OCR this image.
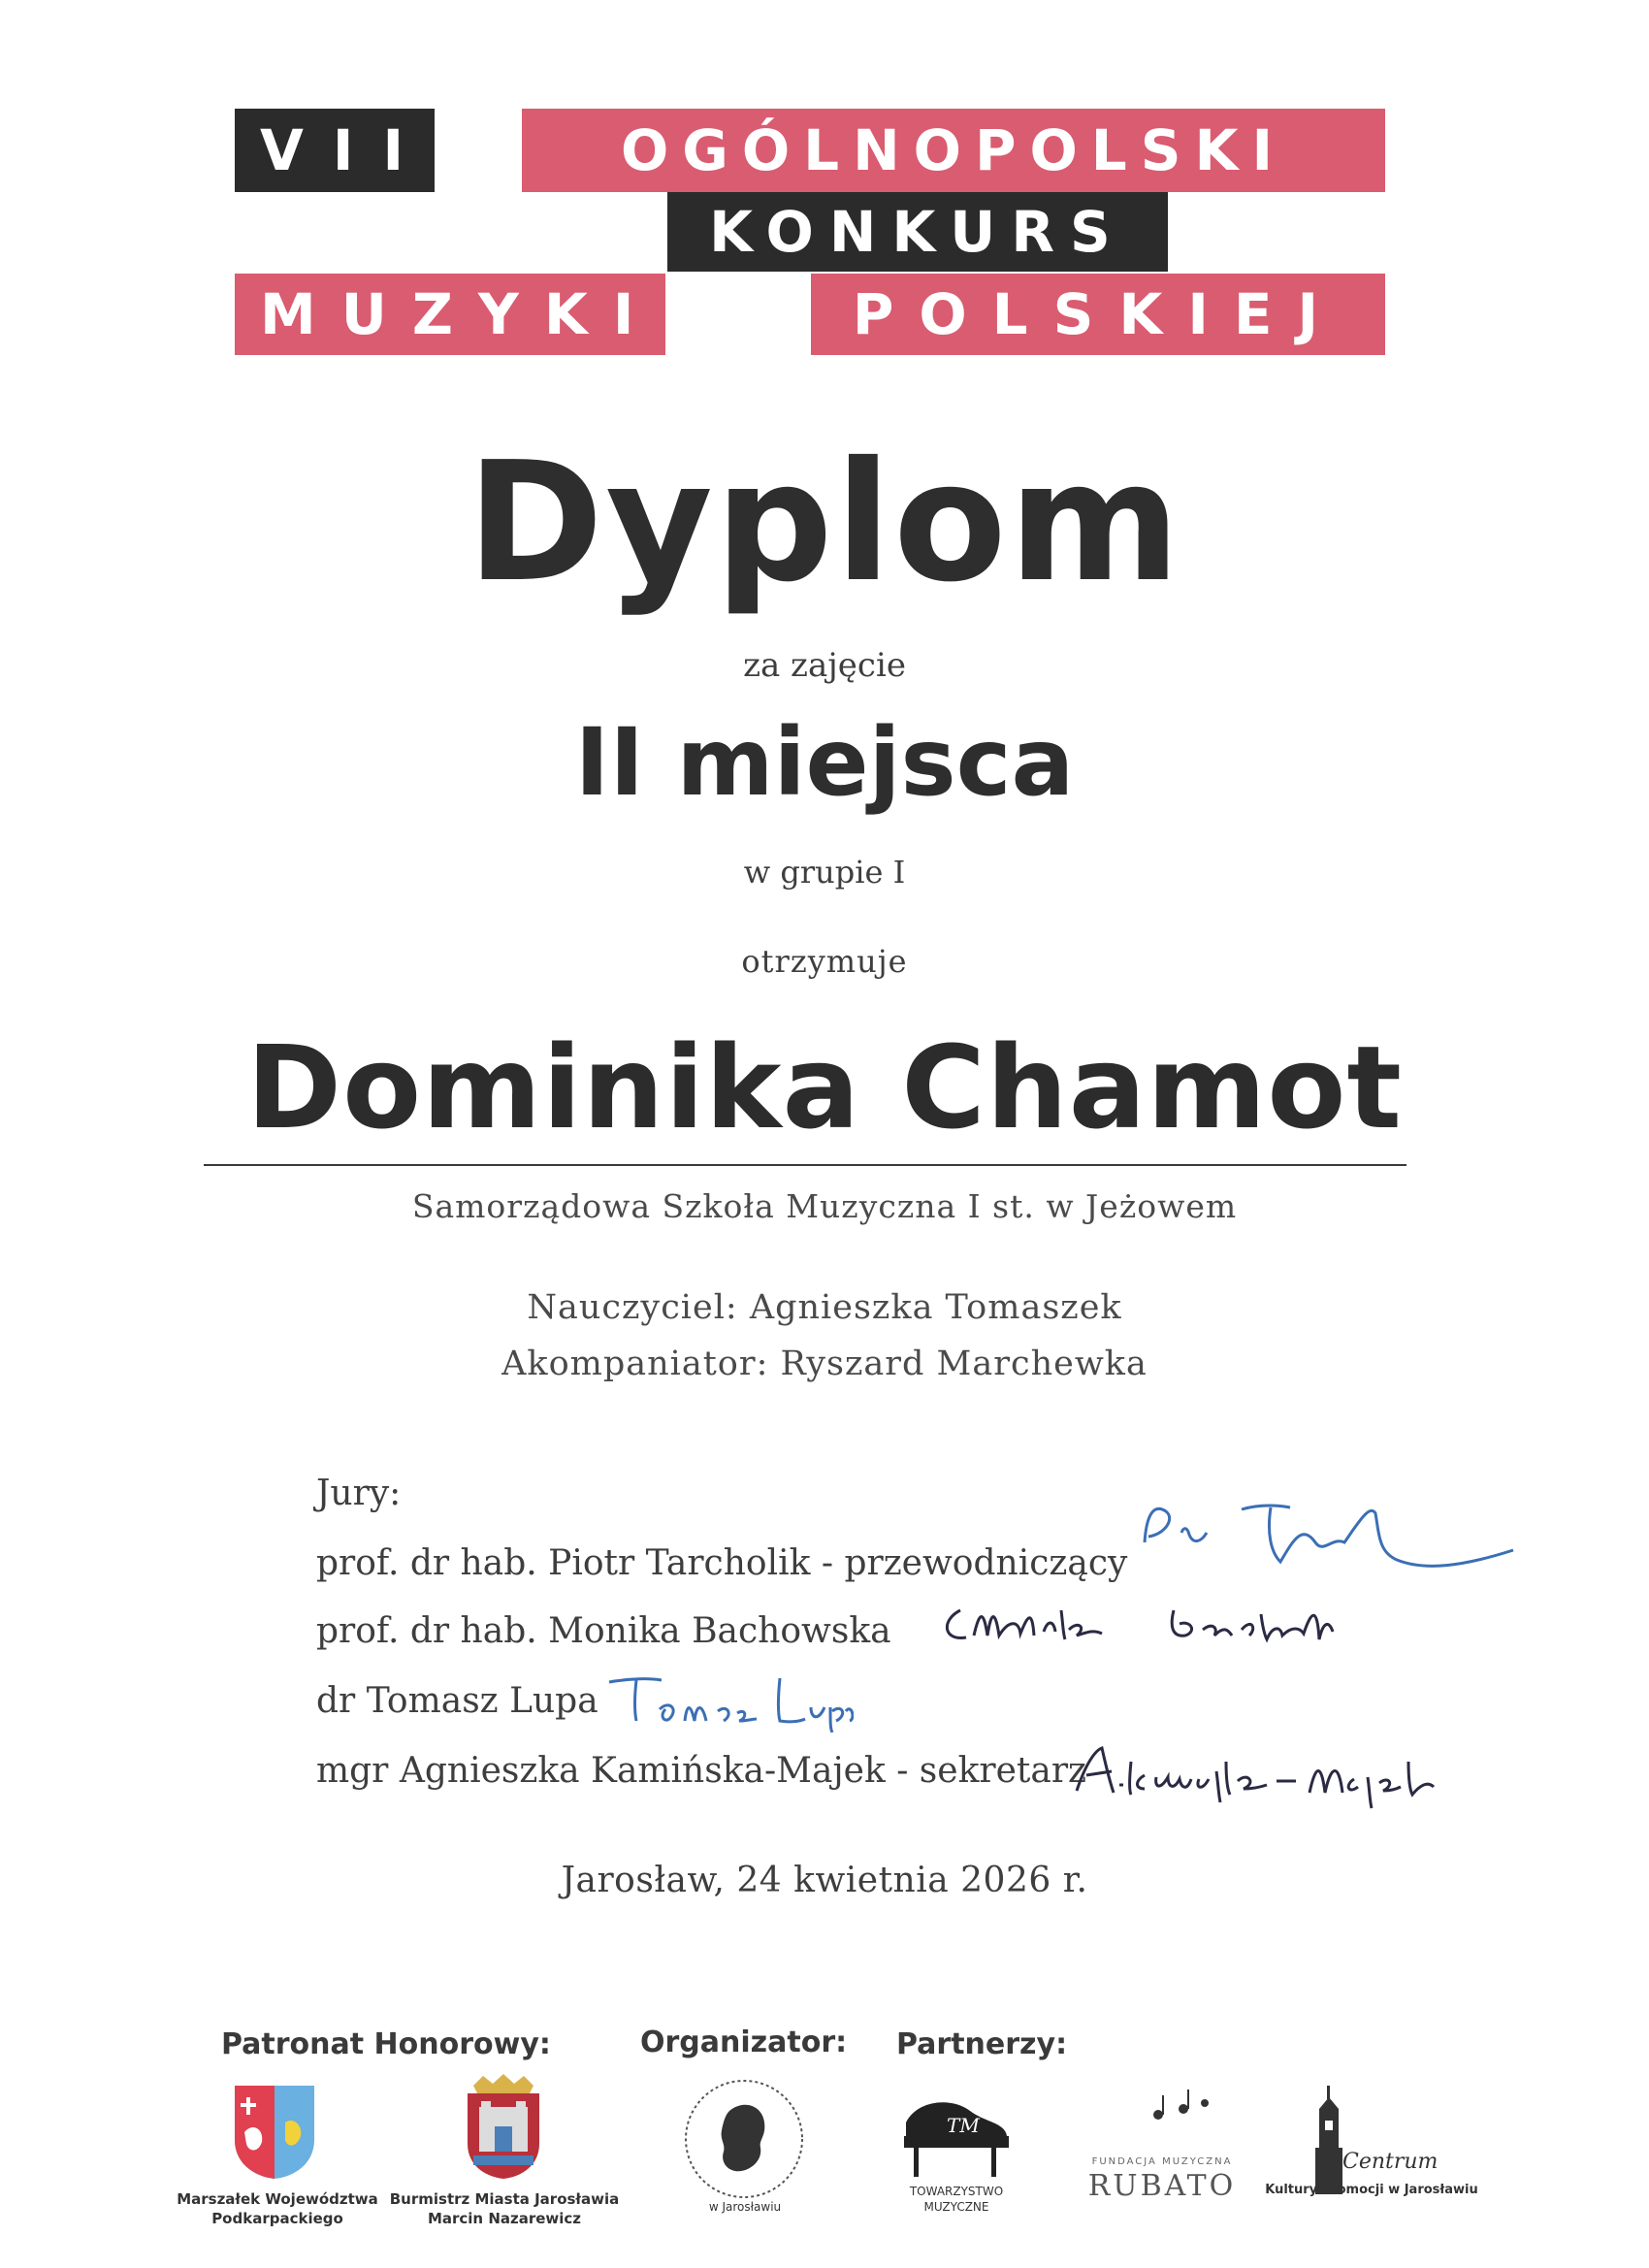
VII	OGÓLNOPOLSKI
KONKURS
MUZYKI	POLSKIEJ
Dyplom
za zajęcie
II miejsca
w grupie I
otrzymuje
Dominika Chamot
Samorządowa Szkoła Muzyczna I st. w Jeżowem
Nauczyciel: Agnieszka Tomaszek
Akompaniator: Ryszard Marchewka
Jury:
prof. dr hab. Piotr Tarcholik - przewodniczący
prof. dr hab. Monika Bachowska
dr Tomasz Lupa
mgr Agnieszka Kamińska-Majek - sekretarz
Jarosław, 24 kwietnia 2026 r.
Patronat Honorowy:	Organizator: Partnerzy:
Marszałek Województwa Podkarpackiego
Burmistrz Miasta Jarosławia Marcin Nazarewicz
w Jarosławiu
TM
TOWARZYSTWO MUZYCZNE
FUNDACJA MUZYCZNA
RUBATO
Centrum
Kultury Promocji w Jarosławiu
